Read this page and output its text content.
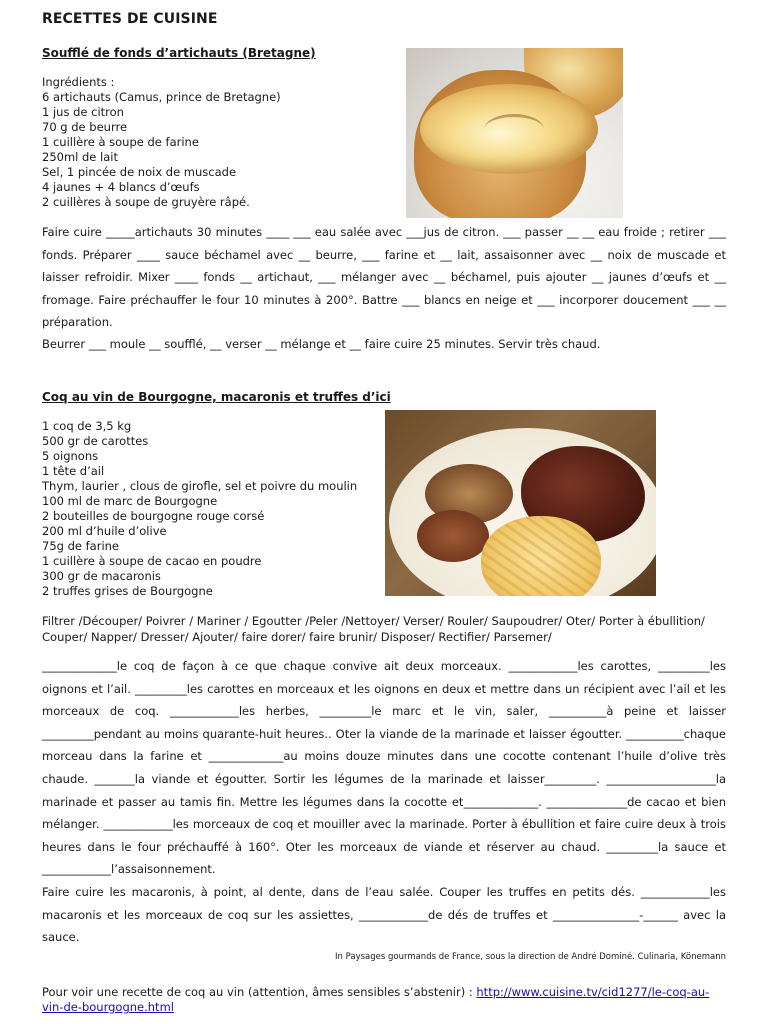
RECETTES DE CUISINE
Soufflé de fonds d’artichauts (Bretagne)
Ingrédients :
6 artichauts (Camus, prince de Bretagne)
1 jus de citron
70 g de beurre
1 cuillère à soupe de farine
250ml de lait
Sel, 1 pincée de noix de muscade
4 jaunes + 4 blancs d’œufs
2 cuillères à soupe de gruyère râpé.
Faire cuire _____artichauts 30 minutes ____ ___ eau salée avec ___jus de citron. ___ passer __ __ eau froide ; retirer ___ fonds. Préparer ____ sauce béchamel avec __ beurre, ___ farine et __ lait, assaisonner avec __ noix de muscade et laisser refroidir. Mixer ____ fonds __ artichaut, ___ mélanger avec __ béchamel, puis ajouter __ jaunes d’œufs et __ fromage. Faire préchauffer le four 10 minutes à 200°. Battre ___ blancs en neige et ___ incorporer doucement ___ __ préparation.
Beurrer ___ moule __ soufflé, __ verser __ mélange et __ faire cuire 25 minutes. Servir très chaud.
Coq au vin de Bourgogne, macaronis et truffes d’ici
1 coq de 3,5 kg
500 gr de carottes
5 oignons
1 tête d’ail
Thym, laurier , clous de girofle, sel et poivre du moulin
100 ml de marc de Bourgogne
2 bouteilles de bourgogne rouge corsé
200 ml d’huile d’olive
75g de farine
1 cuillère à soupe de cacao en poudre
300 gr de macaronis
2 truffes grises de Bourgogne
Filtrer /Découper/ Poivrer / Mariner / Egoutter /Peler /Nettoyer/ Verser/ Rouler/ Saupoudrer/ Oter/ Porter à ébullition/ Couper/ Napper/ Dresser/ Ajouter/ faire dorer/ faire brunir/ Disposer/ Rectifier/ Parsemer/
_____________le coq de façon à ce que chaque convive ait deux morceaux. ____________les carottes, _________les oignons et l’ail. _________les carottes en morceaux et les oignons en deux et mettre dans un récipient avec l’ail et les morceaux de coq. ____________les herbes, _________le marc et le vin, saler, __________à peine et laisser _________pendant au moins quarante-huit heures.. Oter la viande de la marinade et laisser égoutter. __________chaque morceau dans la farine et _____________au moins douze minutes dans une cocotte contenant l’huile d’olive très chaude. _______la viande et égoutter. Sortir les légumes de la marinade et laisser_________. ___________________la marinade et passer au tamis fin. Mettre les légumes dans la cocotte et_____________. ______________de cacao et bien mélanger. ____________les morceaux de coq et mouiller avec la marinade. Porter à ébullition et faire cuire deux à trois heures dans le four préchauffé à 160°. Oter les morceaux de viande et réserver au chaud. _________la sauce et ____________l’assaisonnement.
Faire cuire les macaronis, à point, al dente, dans de l’eau salée. Couper les truffes en petits dés. ____________les macaronis et les morceaux de coq sur les assiettes, ____________de dés de truffes et _______________-______ avec la sauce.
In Paysages gourmands de France, sous la direction de André Dominé. Culinaria, Könemann
Pour voir une recette de coq au vin (attention, âmes sensibles s’abstenir) : http://www.cuisine.tv/cid1277/le-coq-au-vin-de-bourgogne.html
